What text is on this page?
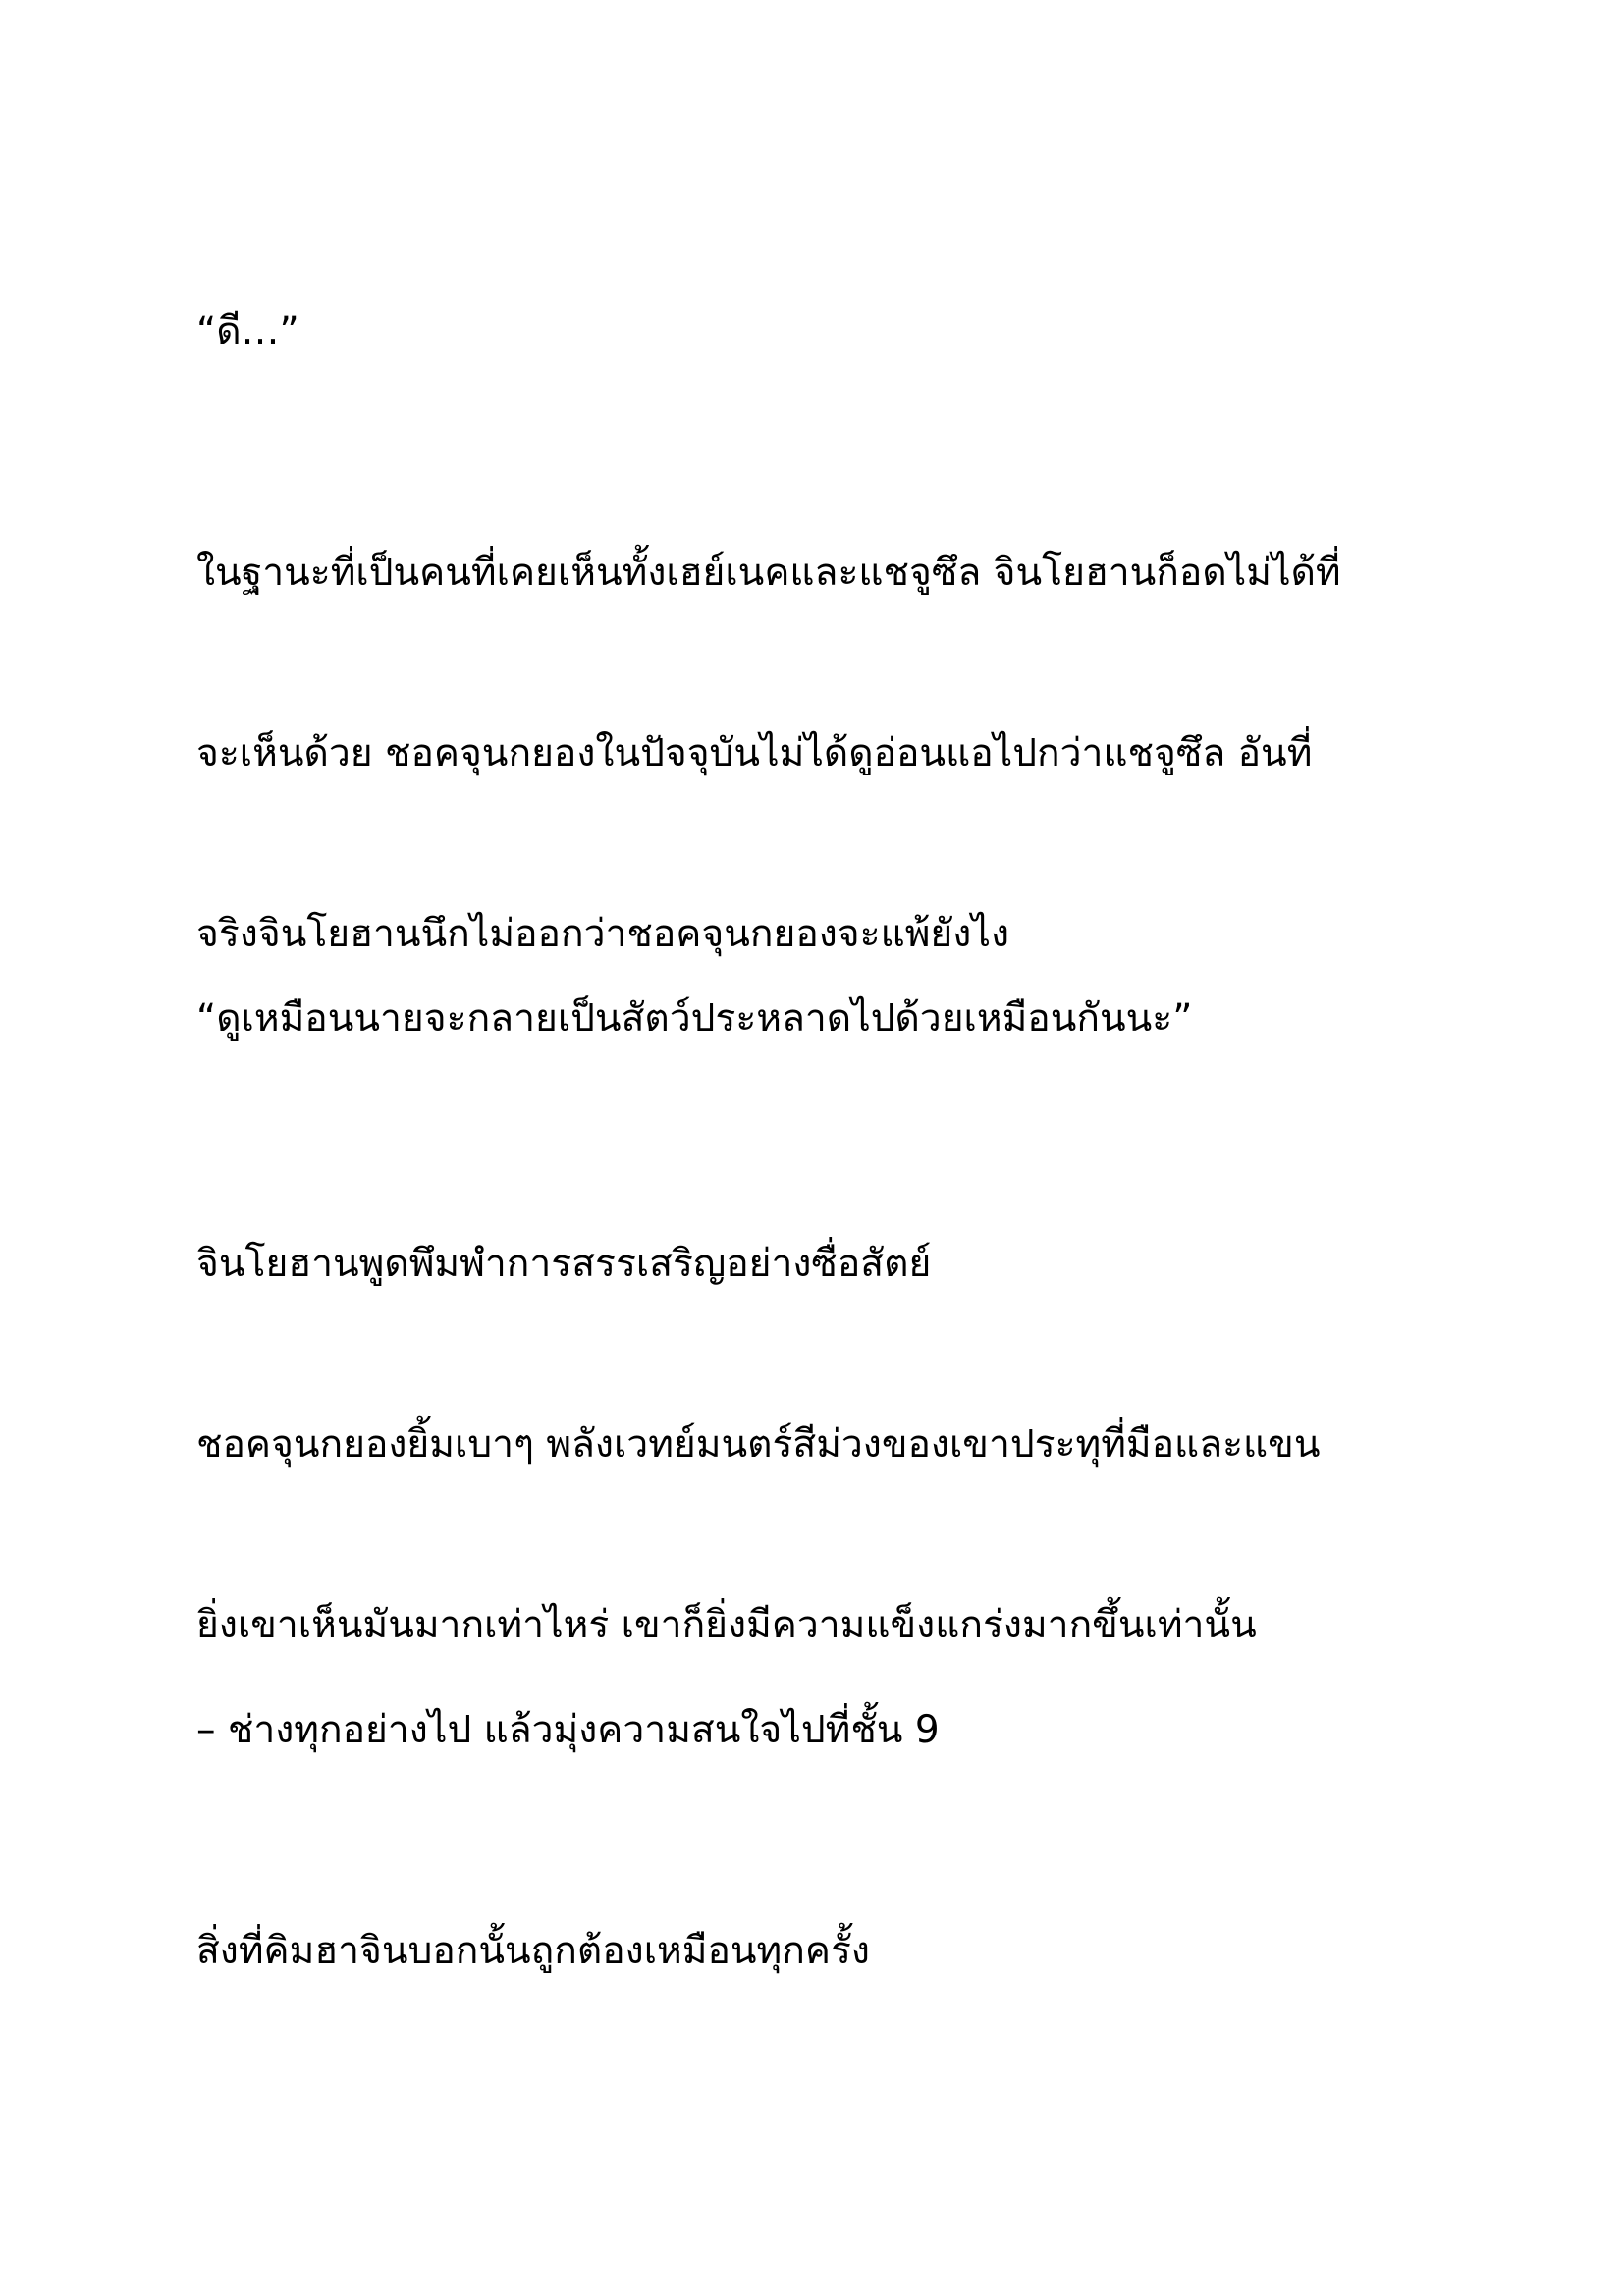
“ดี…”

ในฐานะที่เป็นคนที่เคยเห็นทั้งเฮย์เนคและแชจูซึล จินโยฮานก็อดไม่ได้ที่

จะเห็นด้วย ชอคจุนกยองในปัจจุบันไม่ได้ดูอ่อนแอไปกว่าแชจูซึล อันที่

จริงจินโยฮานนึกไม่ออกว่าชอคจุนกยองจะแพ้ยังไง

“ดูเหมือนนายจะกลายเป็นสัตว์ประหลาดไปด้วยเหมือนกันนะ”

จินโยฮานพูดพึมพำการสรรเสริญอย่างซื่อสัตย์

ชอคจุนกยองยิ้มเบาๆ พลังเวทย์มนตร์สีม่วงของเขาประทุที่มือและแขน

ยิ่งเขาเห็นมันมากเท่าไหร่ เขาก็ยิ่งมีความแข็งแกร่งมากขึ้นเท่านั้น

– ช่างทุกอย่างไป แล้วมุ่งความสนใจไปที่ชั้น 9

สิ่งที่คิมฮาจินบอกนั้นถูกต้องเหมือนทุกครั้ง
